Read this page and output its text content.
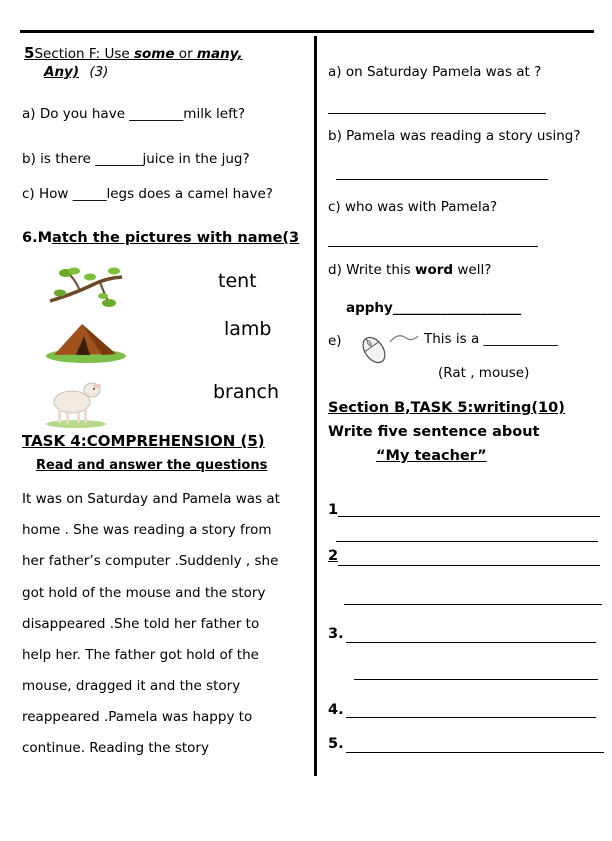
5Section F: Use some or many,
Any) (3)
a) Do you have ________milk left?
b) is there _______juice in the jug?
c) How _____legs does a camel have?
6.Match the pictures with name(3
tent
lamb
branch
TASK 4:COMPREHENSION (5)
Read and answer the questions
It was on Saturday and Pamela was at
home . She was reading a story from
her father’s computer .Suddenly , she
got hold of the mouse and the story
disappeared .She told her father to
help her. The father got hold of the
mouse, dragged it and the story
reappeared .Pamela was happy to
continue. Reading the story
a) on Saturday Pamela was at ?
b) Pamela was reading a story using?
c) who was with Pamela?
d) Write this word well?
apphy___________________
e)	This is a ___________
(Rat , mouse)
Section B,TASK 5:writing(10)
Write five sentence about
“My teacher”
1
2
3.
4.
5.
